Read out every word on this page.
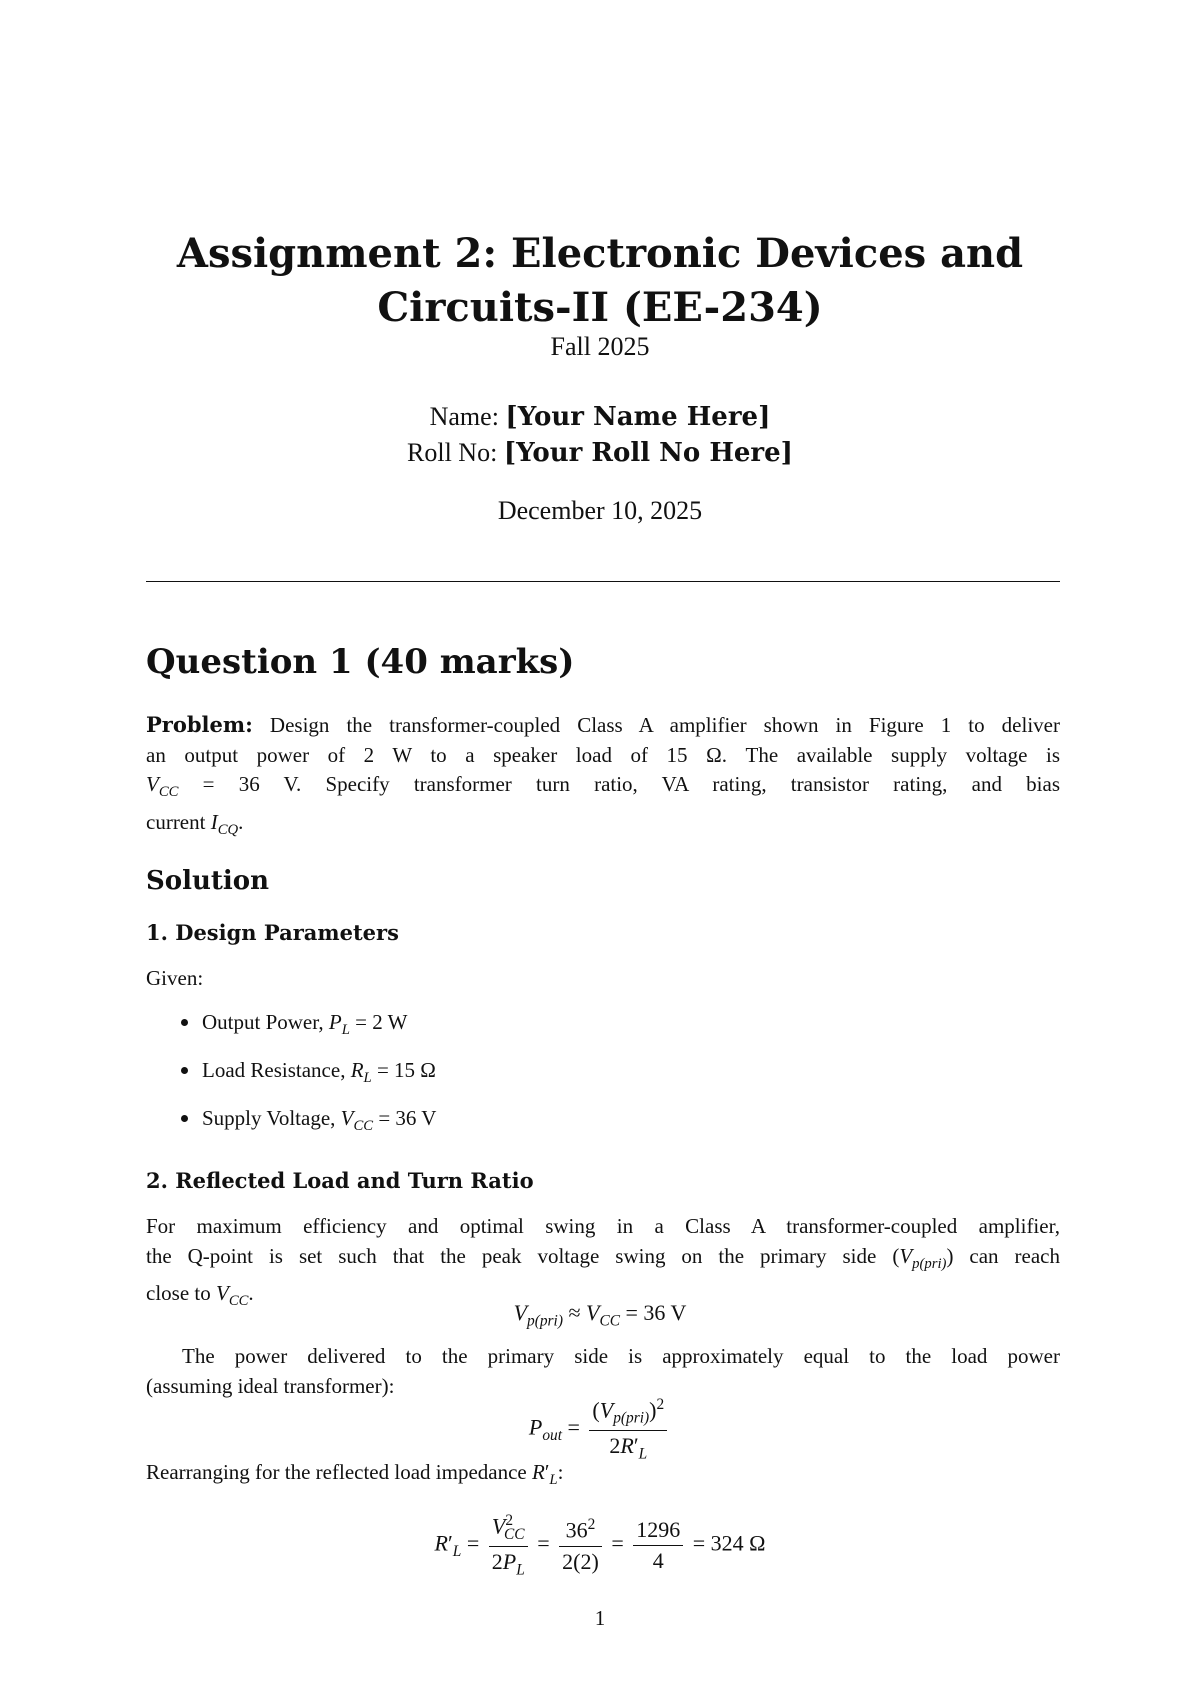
Assignment 2: Electronic Devices and
Circuits-II (EE-234)
Fall 2025
Name: [Your Name Here]
Roll No: [Your Roll No Here]
December 10, 2025
Question 1 (40 marks)
Problem: Design the transformer-coupled Class A amplifier shown in Figure 1 to deliver
an output power of 2 W to a speaker load of 15 Ω. The available supply voltage is
$V_{CC} = 36$ V. Specify transformer turn ratio, VA rating, transistor rating, and bias
current $I_{CQ}$.
Solution
1. Design Parameters
Given:
Output Power, $P_L = 2$ W
Load Resistance, $R_L = 15$ Ω
Supply Voltage, $V_{CC} = 36$ V
2. Reflected Load and Turn Ratio
For maximum efficiency and optimal swing in a Class A transformer-coupled amplifier,
the Q-point is set such that the peak voltage swing on the primary side $(V_{p(pri)})$ can reach
close to $V_{CC}$.
$V_{p(pri)} \approx V_{CC} = 36$ V
The power delivered to the primary side is approximately equal to the load power
(assuming ideal transformer):
$P_{out} = \frac{(V_{p(pri)})^2}{2R'_L}$
Rearranging for the reflected load impedance $R'_L$:
$R'_L = \frac{V^2_{CC}}{2P_L} = \frac{36^2}{2(2)} = \frac{1296}{4} = 324$ Ω
1
